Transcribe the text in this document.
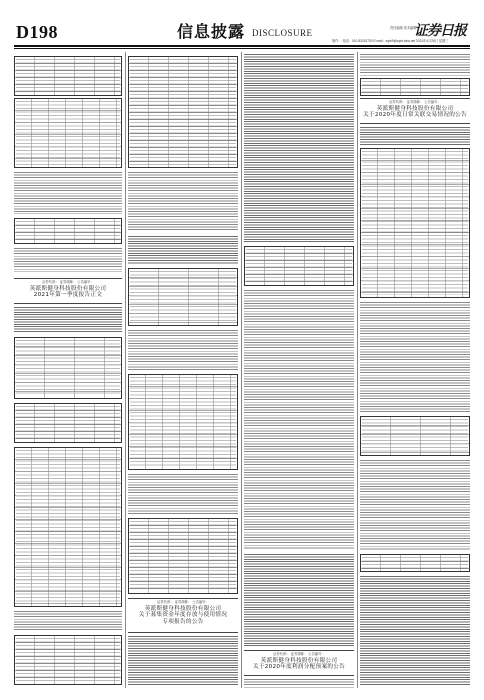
D198	信息披露 DISCLOSURE	责任编辑 美术编辑
证券日报
制作： 电话：010-83251730 E-mail：zqrb9@zqrb.sina.net 2021年4月28日 星期三
证券代码： 证券简称： 公告编号：
英派斯健身科技股份有限公司
2021年第一季度报告正文
证券代码： 证券简称： 公告编号：
英派斯健身科技股份有限公司
关于募集资金年度存放与使用情况
专项报告的公告
证券代码： 证券简称： 公告编号：
英派斯健身科技股份有限公司
关于2020年度利润分配预案的公告
证券代码： 证券简称： 公告编号：
英派斯健身科技股份有限公司
关于2020年度日常关联交易情况的公告
